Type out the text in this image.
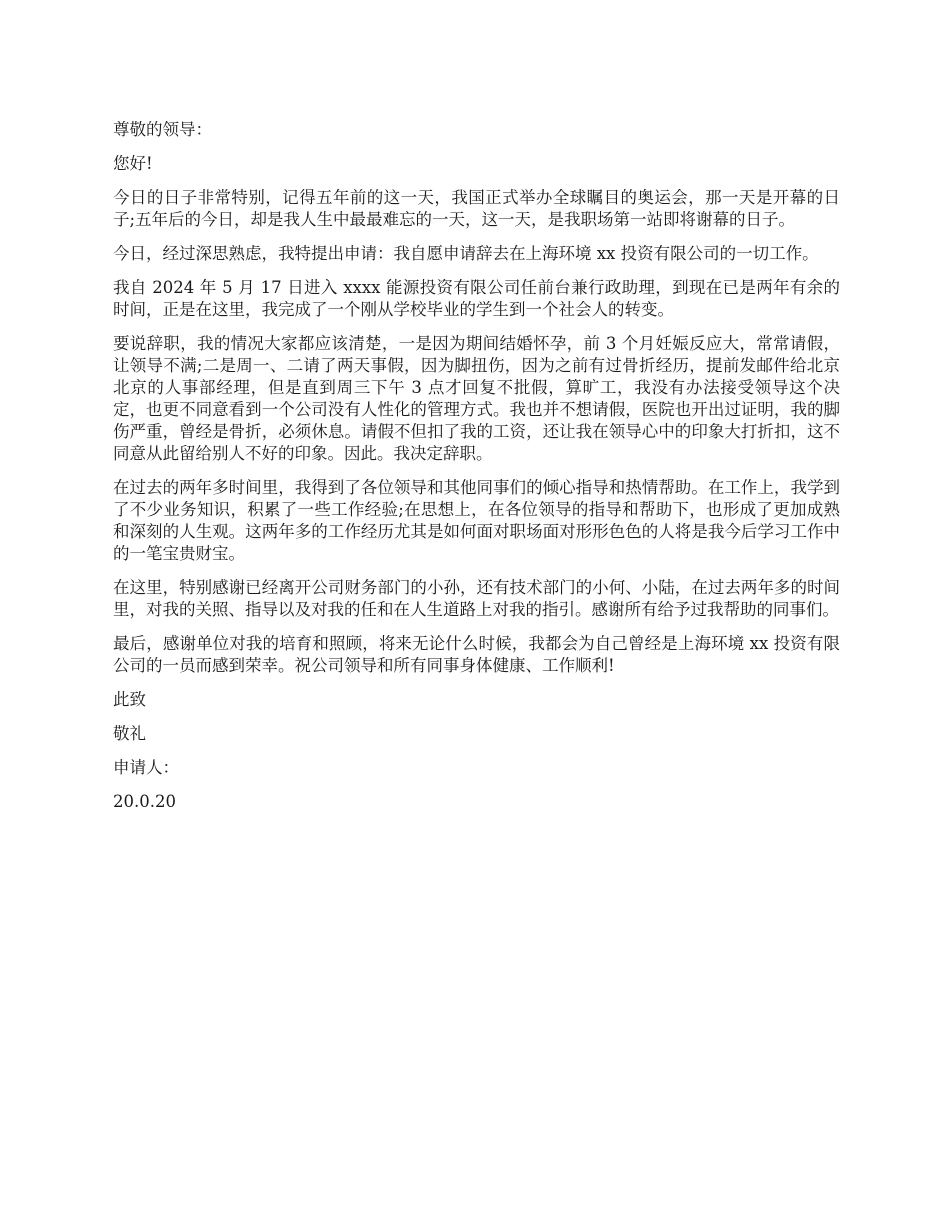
尊敬的领导：

您好!

今日的日子非常特别，记得五年前的这一天，我国正式举办全球瞩目的奥运会，那一天是开幕的日子;五年后的今日，却是我人生中最最难忘的一天，这一天，是我职场第一站即将谢幕的日子。

今日，经过深思熟虑，我特提出申请：我自愿申请辞去在上海环境 xx 投资有限公司的一切工作。

我自 2024 年 5 月 17 日进入 xxxx 能源投资有限公司任前台兼行政助理，到现在已是两年有余的时间，正是在这里，我完成了一个刚从学校毕业的学生到一个社会人的转变。

要说辞职，我的情况大家都应该清楚，一是因为期间结婚怀孕，前 3 个月妊娠反应大，常常请假，让领导不满;二是周一、二请了两天事假，因为脚扭伤，因为之前有过骨折经历，提前发邮件给北京北京的人事部经理，但是直到周三下午 3 点才回复不批假，算旷工，我没有办法接受领导这个决定，也更不同意看到一个公司没有人性化的管理方式。我也并不想请假，医院也开出过证明，我的脚伤严重，曾经是骨折，必须休息。请假不但扣了我的工资，还让我在领导心中的印象大打折扣，这不同意从此留给别人不好的印象。因此。我决定辞职。

在过去的两年多时间里，我得到了各位领导和其他同事们的倾心指导和热情帮助。在工作上，我学到了不少业务知识，积累了一些工作经验;在思想上，在各位领导的指导和帮助下，也形成了更加成熟和深刻的人生观。这两年多的工作经历尤其是如何面对职场面对形形色色的人将是我今后学习工作中的一笔宝贵财宝。

在这里，特别感谢已经离开公司财务部门的小孙，还有技术部门的小何、小陆，在过去两年多的时间里，对我的关照、指导以及对我的任和在人生道路上对我的指引。感谢所有给予过我帮助的同事们。

最后，感谢单位对我的培育和照顾，将来无论什么时候，我都会为自己曾经是上海环境 xx 投资有限公司的一员而感到荣幸。祝公司领导和所有同事身体健康、工作顺利!

此致

敬礼

申请人：

20.0.20
